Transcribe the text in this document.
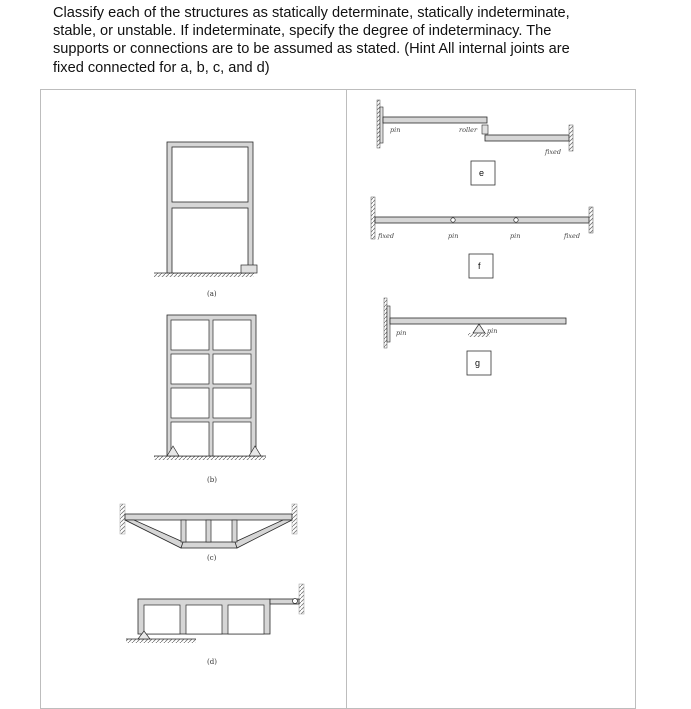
Classify each of the structures as statically determinate, statically indeterminate,
stable, or unstable. If indeterminate, specify the degree of indeterminacy. The
supports or connections are to be assumed as stated. (Hint All internal joints are
fixed connected for a, b, c, and d)
(a)
(b)
(c)
(d)
pin	roller
fixed
e
fixed	pin	pin	fixed
f
pin	pin
g
